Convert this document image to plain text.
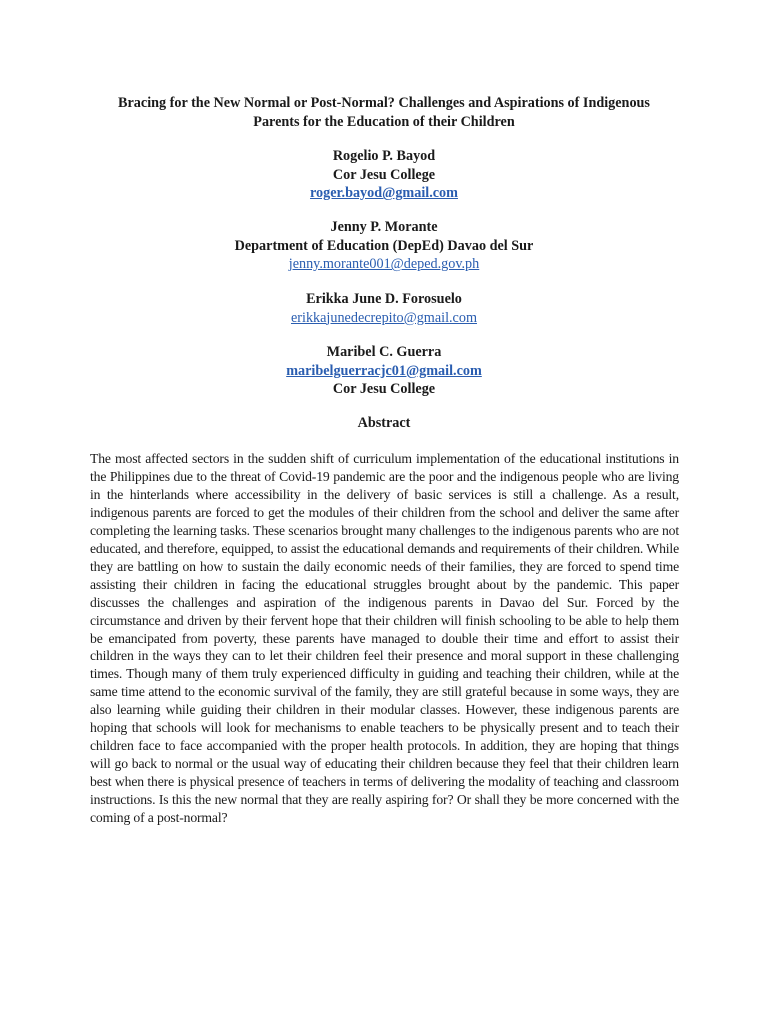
Bracing for the New Normal or Post-Normal? Challenges and Aspirations of Indigenous
Parents for the Education of their Children
Rogelio P. Bayod
Cor Jesu College
roger.bayod@gmail.com
Jenny P. Morante
Department of Education (DepEd) Davao del Sur
jenny.morante001@deped.gov.ph
Erikka June D. Forosuelo
erikkajunedecrepito@gmail.com
Maribel C. Guerra
maribelguerracjc01@gmail.com
Cor Jesu College
Abstract

The most affected sectors in the sudden shift of curriculum implementation of the educational institutions in the Philippines due to the threat of Covid-19 pandemic are the poor and the indigenous people who are living in the hinterlands where accessibility in the delivery of basic services is still a challenge. As a result, indigenous parents are forced to get the modules of their children from the school and deliver the same after completing the learning tasks. These scenarios brought many challenges to the indigenous parents who are not educated, and therefore, equipped, to assist the educational demands and requirements of their children. While they are battling on how to sustain the daily economic needs of their families, they are forced to spend time assisting their children in facing the educational struggles brought about by the pandemic. This paper discusses the challenges and aspiration of the indigenous parents in Davao del Sur. Forced by the circumstance and driven by their fervent hope that their children will finish schooling to be able to help them be emancipated from poverty, these parents have managed to double their time and effort to assist their children in the ways they can to let their children feel their presence and moral support in these challenging times. Though many of them truly experienced difficulty in guiding and teaching their children, while at the same time attend to the economic survival of the family, they are still grateful because in some ways, they are also learning while guiding their children in their modular classes. However, these indigenous parents are hoping that schools will look for mechanisms to enable teachers to be physically present and to teach their children face to face accompanied with the proper health protocols. In addition, they are hoping that things will go back to normal or the usual way of educating their children because they feel that their children learn best when there is physical presence of teachers in terms of delivering the modality of teaching and classroom instructions. Is this the new normal that they are really aspiring for? Or shall they be more concerned with the coming of a post-normal?
